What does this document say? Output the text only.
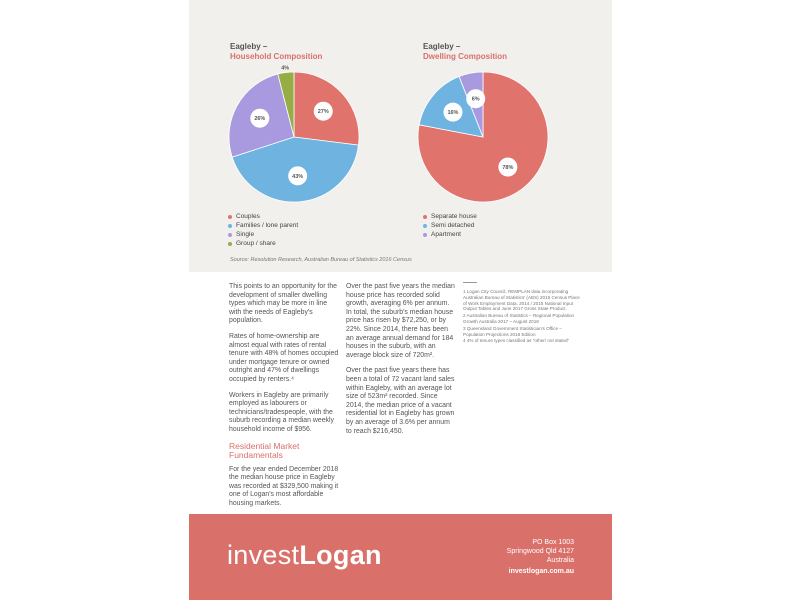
Eagleby –
Household Composition
27%
43%
26%
4%
Couples
Families / lone parent
Single
Group / share
Eagleby –
Dwelling Composition
78%
16%
6%
Separate house
Semi detached
Apartment
Source: Resolution Research, Australian Bureau of Statistics 2016 Census

This points to an opportunity for the development of smaller dwelling types which may be more in line with the needs of Eagleby's population.

Rates of home-ownership are almost equal with rates of rental tenure with 48% of homes occupied under mortgage tenure or owned outright and 47% of dwellings occupied by renters.⁴

Workers in Eagleby are primarily employed as labourers or technicians/tradespeople, with the suburb recording a median weekly household income of $956.

Residential Market Fundamentals

For the year ended December 2018 the median house price in Eagleby was recorded at $329,500 making it one of Logan's most affordable housing markets.

Over the past five years the median house price has recorded solid growth, averaging 6% per annum. In total, the suburb's median house price has risen by $72,250, or by 22%. Since 2014, there has been an average annual demand for 184 houses in the suburb, with an average block size of 720m².

Over the past five years there has been a total of 72 vacant land sales within Eagleby, with an average lot size of 523m² recorded. Since 2014, the median price of a vacant residential lot in Eagleby has grown by an average of 3.6% per annum to reach $216,450.

1 Logan City Council, REMPLAN data incorporating Australian Bureau of Statistics' (ABS) 2016 Census Place of Work Employment Data, 2014 / 2015 National Input Output Tables and June 2017 Gross State Product.
2 Australian Bureau of Statistics – Regional Population Growth Australia 2017 – August 2018
3 Queensland Government Statistician's Office – Population Projections 2018 Edition
4 4% of tenure types classified as "other/ not stated"
investLogan	PO Box 1003
Springwood Qld 4127
Australia
investlogan.com.au
